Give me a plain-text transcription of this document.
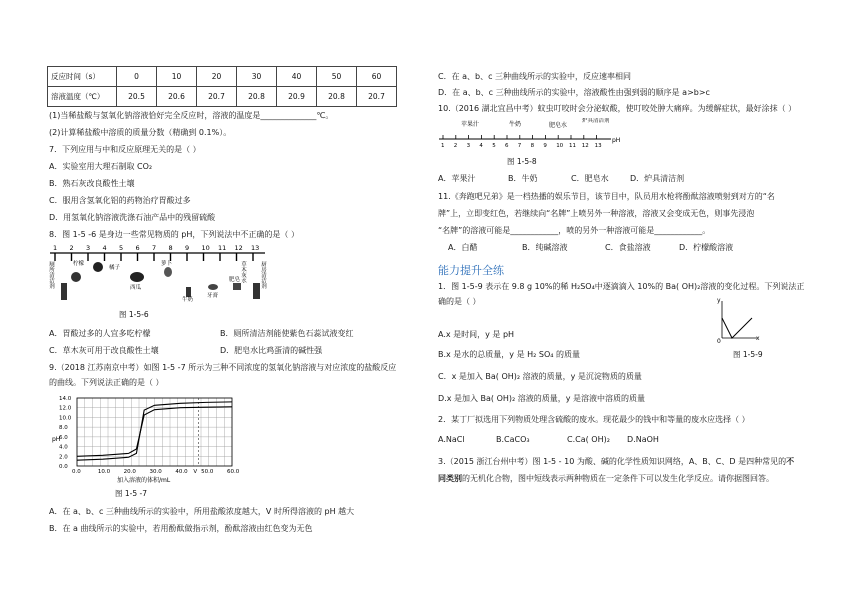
反应时间（s）	0	10	20	30	40	50	60
溶液温度（℃）	20.5	20.6	20.7	20.8	20.9	20.8	20.7
(1)当稀盐酸与氢氧化钠溶液恰好完全反应时，溶液的温度是______________℃。
(2)计算稀盐酸中溶质的质量分数（精确到 0.1%）。
7．下列应用与中和反应原理无关的是（ ）
A．实验室用大理石制取 CO₂
B．熟石灰改良酸性土壤
C．服用含氢氧化铝的药物治疗胃酸过多
D．用氢氧化钠溶液洗涤石油产品中的残留硫酸
8．图 1-5 -6 是身边一些常见物质的 pH，下列说法中不正确的是（ ）
1 2 3 4 5 6 7 8 9 10 11 12 13
厕所清洁剂	柠檬
橘子
西瓜
萝卜
牛奶
牙膏
肥皂 草木灰水	厨房清洁剂
图 1-5-6
A．胃酸过多的人宜多吃柠檬	B．厕所清洁剂能使紫色石蕊试液变红
C．草木灰可用于改良酸性土壤	D．肥皂水比鸡蛋清的碱性强
9.（2018 江苏南京中考）如图 1-5 -7 所示为三种不同浓度的氢氧化钠溶液与对应浓度的盐酸反应
的曲线。下列说法正确的是（ ）
pH
14.0
12.0
10.0
8.0
6.0
4.0
2.0
0.0
0.0	10.0 20.0 30.0 40.0 V 50.0 60.0
加入溶液的体积/mL
图 1-5 -7
A．在 a、b、c 三种曲线所示的实验中，所用盐酸浓度越大，V 时所得溶液的 pH 越大
B．在 a 曲线所示的实验中，若用酚酞做指示剂，酚酞溶液由红色变为无色
C．在 a、b、c 三种曲线所示的实验中，反应速率相同
D．在 a、b、c 三种曲线所示的实验中，溶液酸性由强到弱的顺序是 a>b>c
10.（2016 湖北宜昌中考）蚊虫叮咬时会分泌蚁酸，使叮咬处肿大痛痒。为缓解症状，最好涂抹（ ）
苹果汁	牛奶	肥皂水
炉具清洁剂
1 2 3 4 5 6 7 8 9 10 11 12 13
pH
图 1-5-8
A．苹果汁	B．牛奶	C．肥皂水	D．炉具清洁剂
11.《奔跑吧兄弟》是一档热播的娱乐节目，该节目中，队员用水枪将酚酞溶液喷射到对方的“名
牌”上，立即变红色，若继续向“名牌”上喷另外一种溶液，溶液又会变成无色，则事先浸泡
“名牌”的溶液可能是____________，喷的另外一种溶液可能是____________。
A．白醋	B．纯碱溶液	C．食盐溶液	D．柠檬酸溶液
能力提升全练
1．图 1-5-9 表示在 9.8 g 10%的稀 H₂SO₄中逐滴滴入 10%的 Ba( OH)₂溶液的变化过程。下列说法正
确的是（ ）	y
x
0
图 1-5-9
A.x 是时间，y 是 pH
B.x 是水的总质量，y 是 H₂ SO₄ 的质量
C．x 是加入 Ba( OH)₂ 溶液的质量，y 是沉淀物质的质量
D.x 是加入 Ba( OH)₂ 溶液的质量，y 是溶液中溶质的质量
2．某丁厂拟选用下列物质处理含硫酸的废水。现花最少的钱中和等量的废水应选择（ ）
A.NaCl	B.CaCO₃	C.Ca( OH)₂ D.NaOH
3.（2015 浙江台州中考）图 1-5 - 10 为酸、碱的化学性质知识网络，A、B、C、D 是四种常见的不
同类别的无机化合物，图中短线表示两种物质在一定条件下可以发生化学反应。请你据图回答。
